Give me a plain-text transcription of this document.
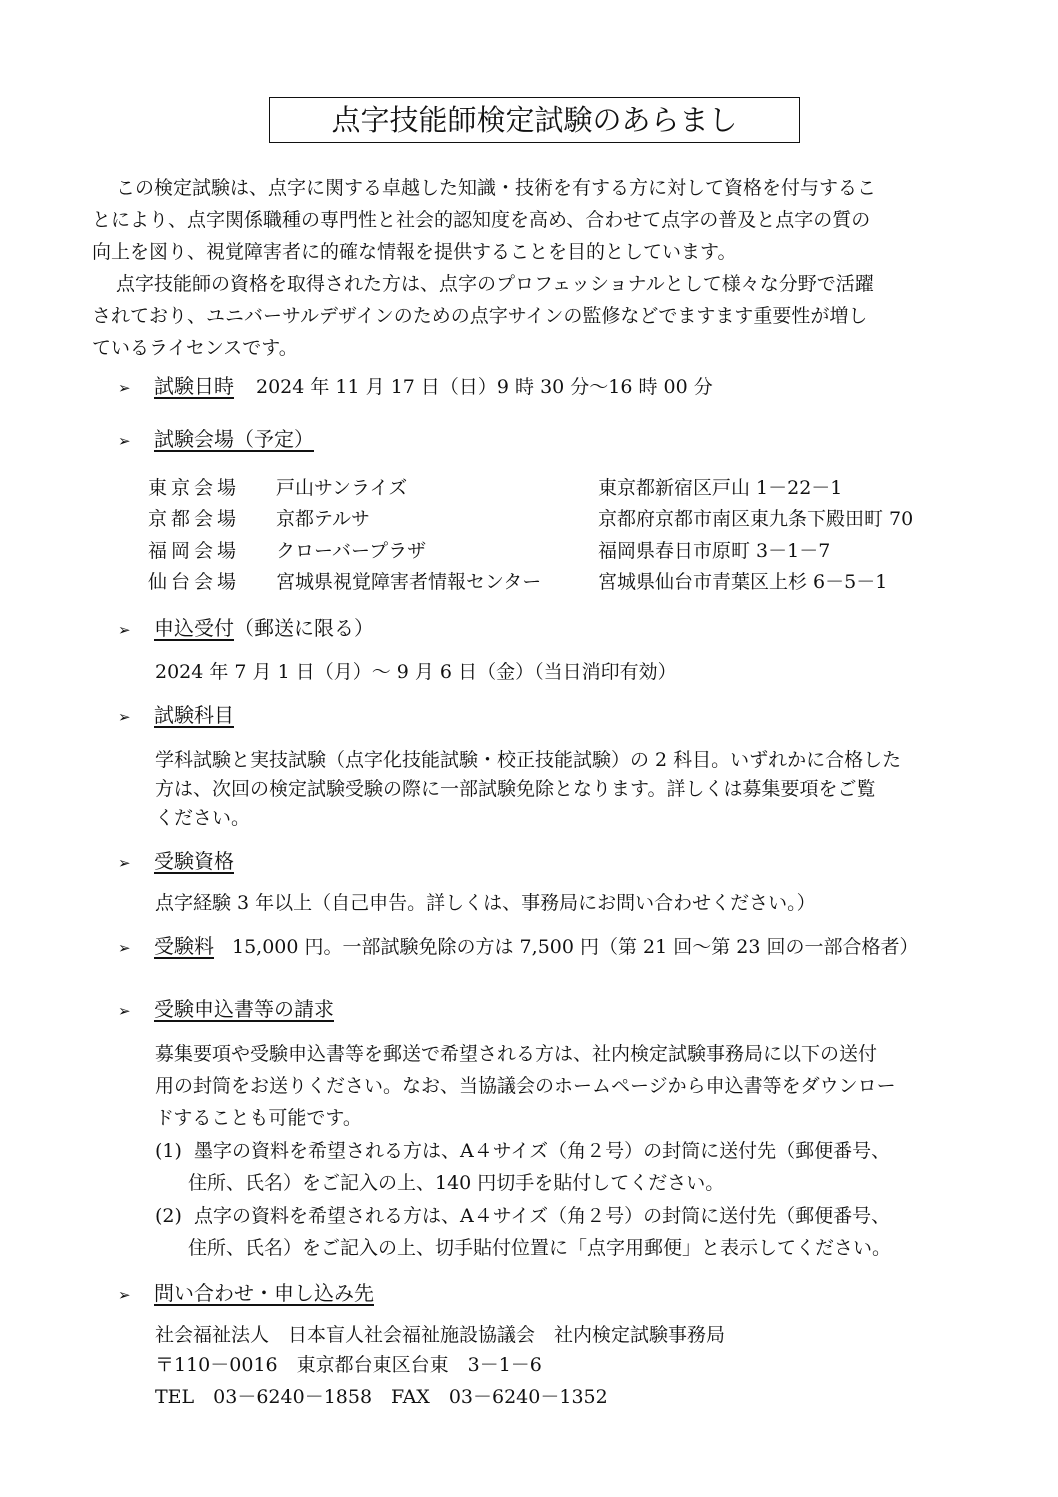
点字技能師検定試験のあらまし
この検定試験は、点字に関する卓越した知識・技術を有する方に対して資格を付与するこ
とにより、点字関係職種の専門性と社会的認知度を高め、合わせて点字の普及と点字の質の
向上を図り、視覚障害者に的確な情報を提供することを目的としています。
点字技能師の資格を取得された方は、点字のプロフェッショナルとして様々な分野で活躍
されており、ユニバーサルデザインのための点字サインの監修などでますます重要性が増し
ているライセンスです。
➢ 試験日時 2024 年 11 月 17 日（日）9 時 30 分～16 時 00 分
➢ 試験会場（予定）
東京会場 戸山サンライズ	東京都新宿区戸山 1－22－1
京都会場 京都テルサ	京都府京都市南区東九条下殿田町 70
福岡会場 クローバープラザ	福岡県春日市原町 3－1－7
仙台会場 宮城県視覚障害者情報センター	宮城県仙台市青葉区上杉 6－5－1
➢ 申込受付（郵送に限る）
2024 年 7 月 1 日（月）～ 9 月 6 日（金）（当日消印有効）
➢ 試験科目
学科試験と実技試験（点字化技能試験・校正技能試験）の 2 科目。いずれかに合格した
方は、次回の検定試験受験の際に一部試験免除となります。詳しくは募集要項をご覧
ください。
➢ 受験資格
点字経験 3 年以上（自己申告。詳しくは、事務局にお問い合わせください。）
➢ 受験料 15,000 円。一部試験免除の方は 7,500 円（第 21 回～第 23 回の一部合格者）
➢ 受験申込書等の請求
募集要項や受験申込書等を郵送で希望される方は、社内検定試験事務局に以下の送付
用の封筒をお送りください。なお、当協議会のホームページから申込書等をダウンロー
ドすることも可能です。
(1) 墨字の資料を希望される方は、A４サイズ（角２号）の封筒に送付先（郵便番号、
住所、氏名）をご記入の上、140 円切手を貼付してください。
(2) 点字の資料を希望される方は、A４サイズ（角２号）の封筒に送付先（郵便番号、
住所、氏名）をご記入の上、切手貼付位置に「点字用郵便」と表示してください。
➢ 問い合わせ・申し込み先
社会福祉法人　日本盲人社会福祉施設協議会　社内検定試験事務局
〒110－0016　東京都台東区台東　3－1－6
TEL　03－6240－1858　FAX　03－6240－1352
